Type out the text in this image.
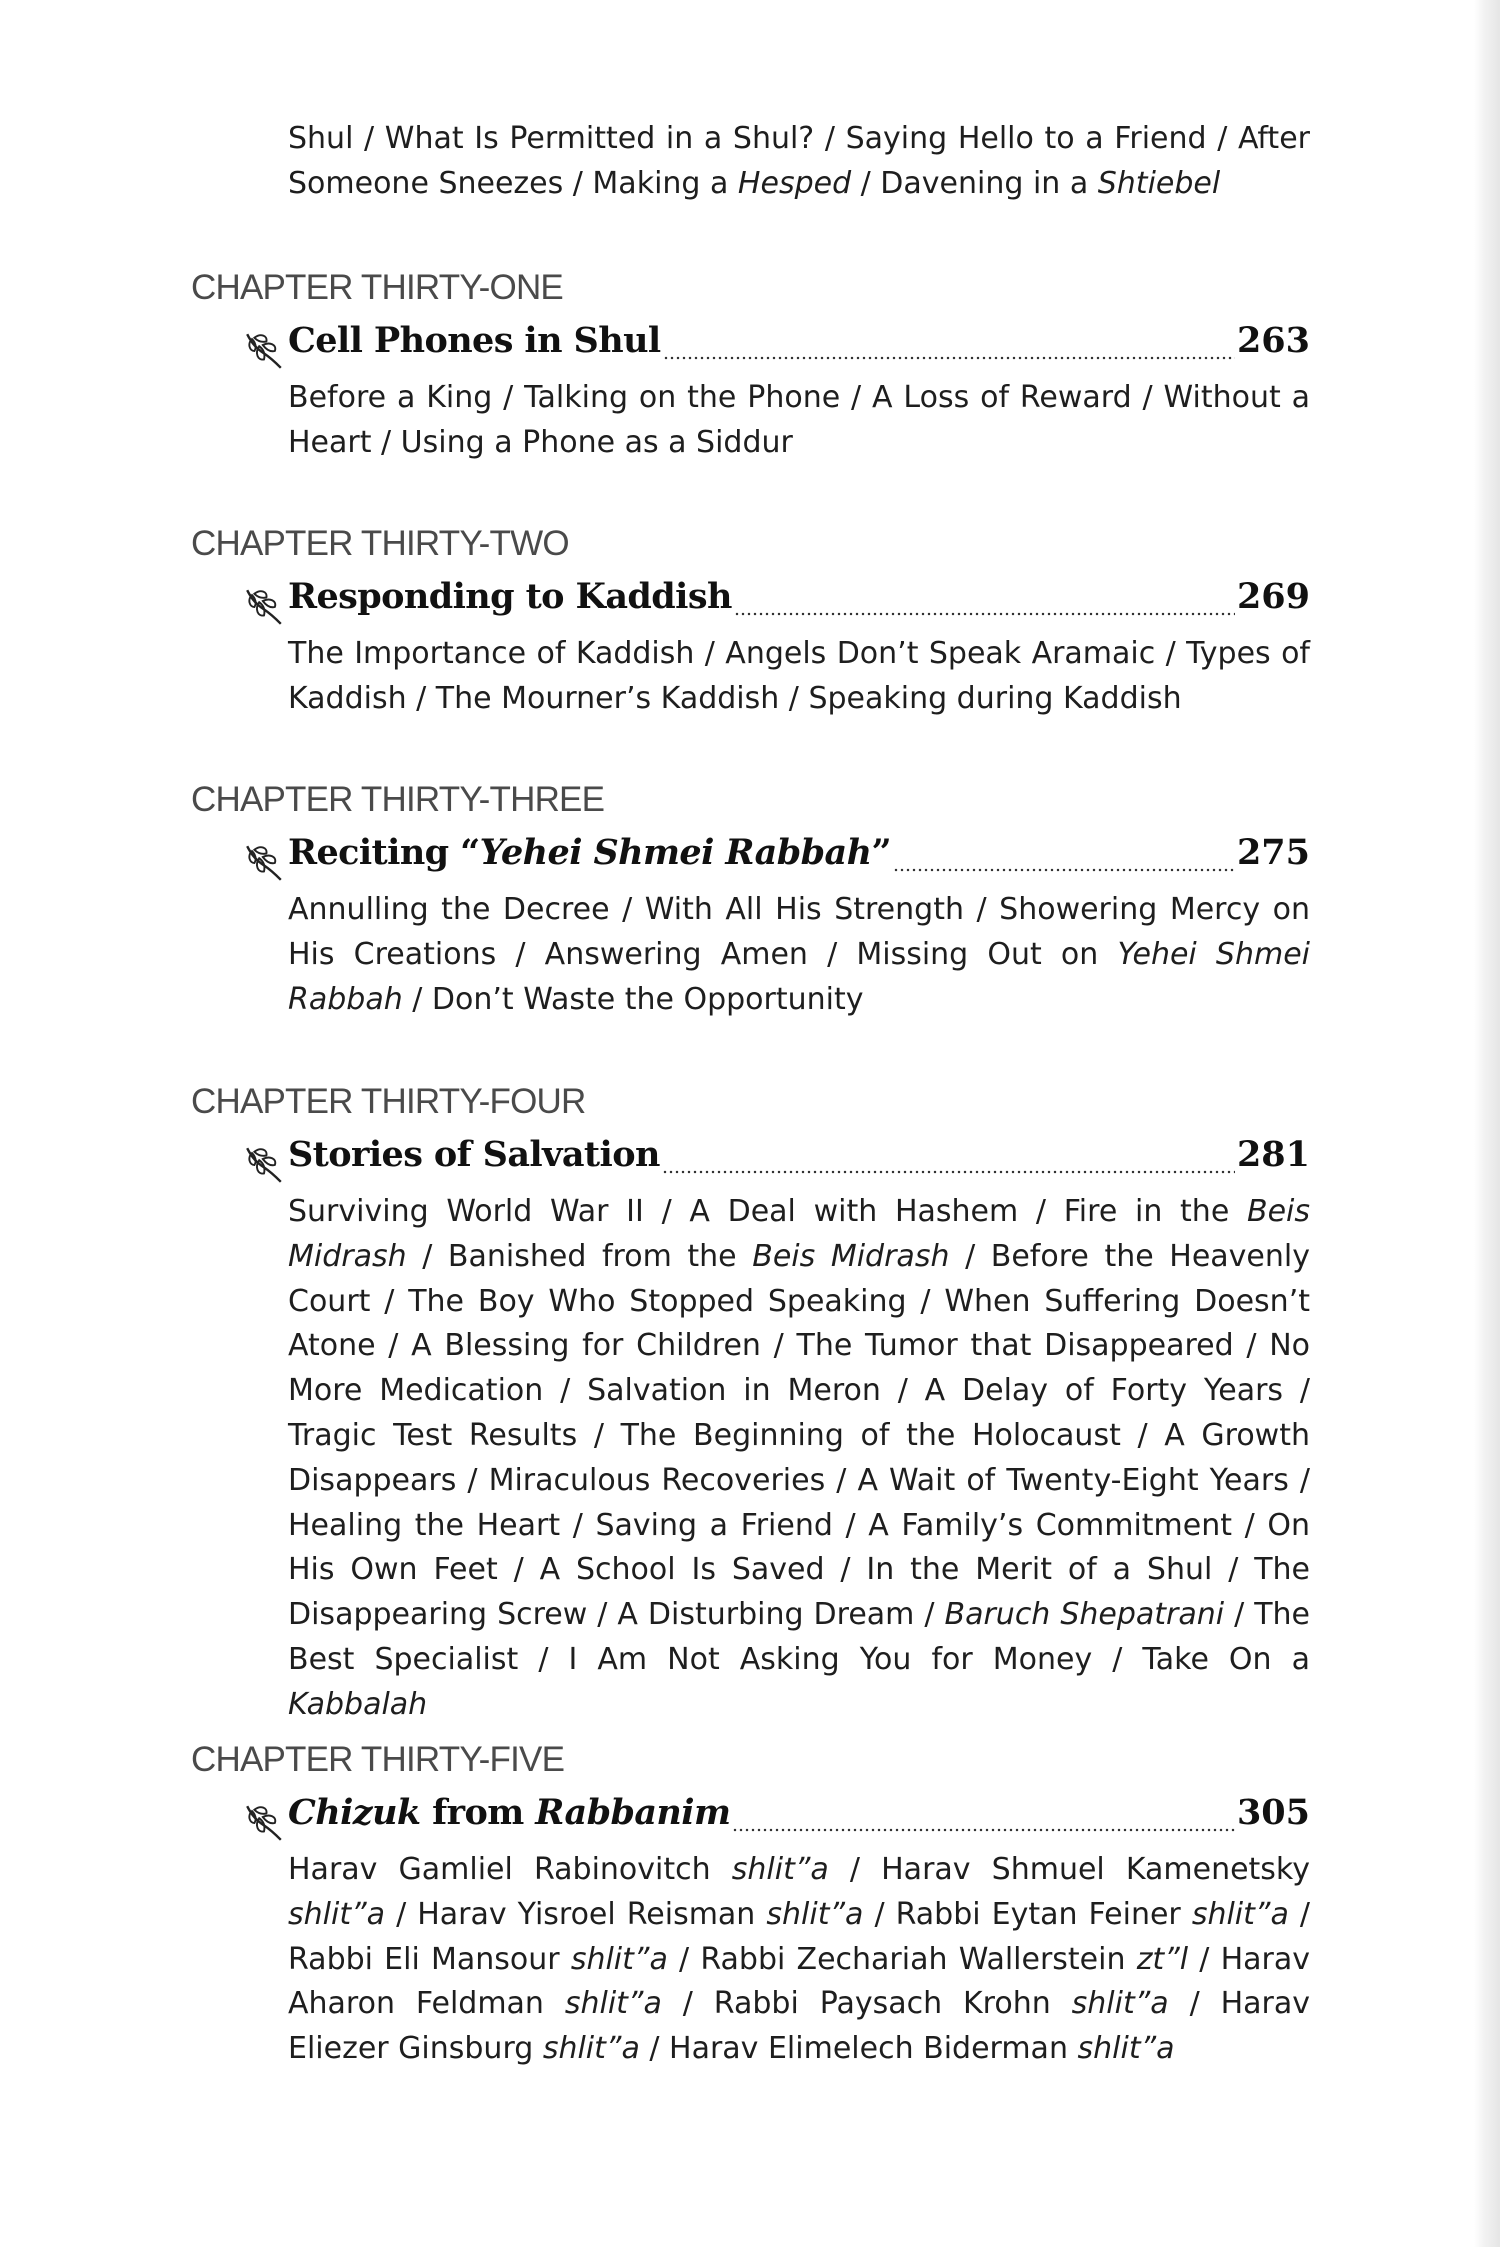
Shul / What Is Permitted in a Shul? / Saying Hello to a Friend / After Someone Sneezes / Making a Hesped / Davening in a Shtiebel
CHAPTER THIRTY-ONE
Cell Phones in Shul	263
Before a King / Talking on the Phone / A Loss of Reward / Without a Heart / Using a Phone as a Siddur
CHAPTER THIRTY-TWO
Responding to Kaddish	269
The Importance of Kaddish / Angels Don’t Speak Aramaic / Types of Kaddish / The Mourner’s Kaddish / Speaking during Kaddish
CHAPTER THIRTY-THREE
Reciting “Yehei Shmei Rabbah”	275
Annulling the Decree / With All His Strength / Showering Mercy on His Creations / Answering Amen / Missing Out on Yehei Shmei Rabbah / Don’t Waste the Opportunity
CHAPTER THIRTY-FOUR
Stories of Salvation	281
Surviving World War II / A Deal with Hashem / Fire in the Beis Midrash / Banished from the Beis Midrash / Before the Heavenly Court / The Boy Who Stopped Speaking / When Suffering Doesn’t Atone / A Blessing for Children / The Tumor that Disappeared / No More Medication / Salvation in Meron / A Delay of Forty Years / Tragic Test Results / The Beginning of the Holocaust / A Growth Disappears / Miraculous Recoveries / A Wait of Twenty-Eight Years / Healing the Heart / Saving a Friend / A Family’s Commitment / On His Own Feet / A School Is Saved / In the Merit of a Shul / The Disappearing Screw / A Disturbing Dream / Baruch Shepatrani / The Best Specialist / I Am Not Asking You for Money / Take On a Kabbalah
CHAPTER THIRTY-FIVE
Chizuk from Rabbanim	305
Harav Gamliel Rabinovitch shlit”a / Harav Shmuel Kamenetsky shlit”a / Harav Yisroel Reisman shlit”a / Rabbi Eytan Feiner shlit”a / Rabbi Eli Mansour shlit”a / Rabbi Zechariah Wallerstein zt”l / Harav Aharon Feldman shlit”a / Rabbi Paysach Krohn shlit”a / Harav Eliezer Ginsburg shlit”a / Harav Elimelech Biderman shlit”a
